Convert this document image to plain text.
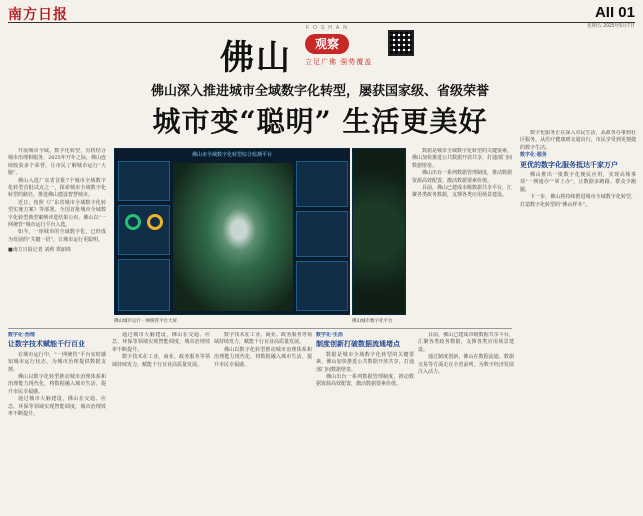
南方日报	AII 01
星期五 2025年5月7日
佛山
FOSHAN
观察
立足广佛 强势覆盖
佛山深入推进城市全域数字化转型，屡获国家级、省级荣誉
城市变“聪明” 生活更美好

开展城市全域、数字化转型，有机结合城市治理和服务，2025年开年之际，佛山连续收获多个荣誉，让市民了解城市运行“大脑”。

佛山入选广东省首批7个城市全域数字化转型首批试点之一，探索城市全域数字化转型的路径，推进佛山建设智慧城市。

近日，按照《广东省城市全域数字化转型实施方案》等部署，全国首批城市全域数字化转型典型案例评选结果公布，佛山以“一网统管”城市运行平台入选。

如今，一座城市的全域数字化，已经成为发展的“关键一招”，让城市运行更聪明。

■南方日报记者 刘莉 郑丽珠
佛山市全域数字化转型综合监测平台
佛山城市运行一网统管平台大屏	佛山城市数字化平台

数据是城市全域数字化转型的关键要素，佛山加快推进公共数据开放共享，打通部门间数据壁垒。

佛山出台一系列数据管理制度，推动数据资源高效配置，激活数据要素价值。

目前，佛山已建成市级数据共享平台，汇聚各类政务数据，支撑各类应用场景建设。

数字化服务正在深入市民生活，从政务办事到社区服务，从医疗健康到交通出行，市民享受到更便捷的数字生活。

数字化·服务
更优的数字化服务抵达千家万户

佛山推出一批数字化便民应用，实现高频事项“一网通办”“掌上办”，让数据多跑路、群众少跑腿。

下一步，佛山将持续推进城市全域数字化转型，打造数字化转型的“佛山样本”。

数字化·治理
让数字技术赋能千行百业

在城市运行中，“一网统管”平台实时感知城市运行状态，为城市治理提供数据支撑。

佛山以数字化转型推动城市治理体系和治理能力现代化，将数据融入城市生活，提升市民幸福感。

通过城市大脑建设，佛山在交通、应急、环保等领域实现智能调度，城市治理效率不断提升。

通过城市大脑建设，佛山在交通、应急、环保等领域实现智能调度，城市治理效率不断提升。

数字技术在工业、商业、政务服务等领域持续发力，赋能千行百业高质量发展。

数字技术在工业、商业、政务服务等领域持续发力，赋能千行百业高质量发展。

佛山以数字化转型推动城市治理体系和治理能力现代化，将数据融入城市生活，提升市民幸福感。

数字化·生活
制度创新打破数据流通堵点

数据是城市全域数字化转型的关键要素，佛山加快推进公共数据开放共享，打通部门间数据壁垒。

佛山出台一系列数据管理制度，推动数据资源高效配置，激活数据要素价值。

目前，佛山已建成市级数据共享平台，汇聚各类政务数据，支撑各类应用场景建设。

通过制度创新，佛山在数据流通、数据交易等方面走在全省前列，为数字经济发展注入活力。
